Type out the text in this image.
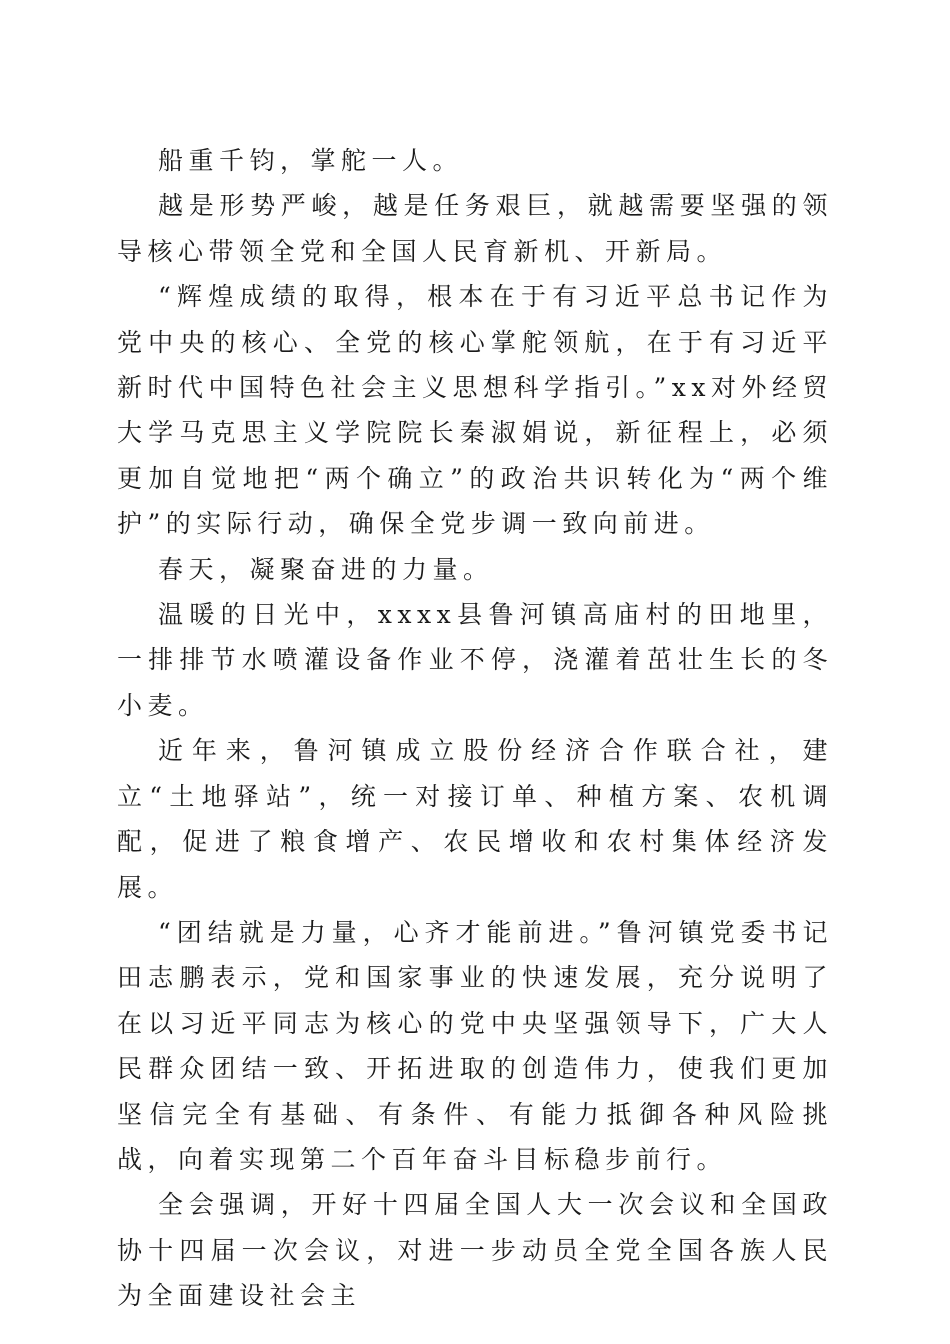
船重千钧，掌舵一人。

越是形势严峻，越是任务艰巨，就越需要坚强的领导核心带领全党和全国人民育新机、开新局。

“辉煌成绩的取得，根本在于有习近平总书记作为党中央的核心、全党的核心掌舵领航，在于有习近平新时代中国特色社会主义思想科学指引。”xx对外经贸大学马克思主义学院院长秦淑娟说，新征程上，必须更加自觉地把“两个确立”的政治共识转化为“两个维护”的实际行动，确保全党步调一致向前进。

春天，凝聚奋进的力量。

温暖的日光中，xxxx县鲁河镇高庙村的田地里，一排排节水喷灌设备作业不停，浇灌着茁壮生长的冬小麦。

近年来，鲁河镇成立股份经济合作联合社，建立“土地驿站”，统一对接订单、种植方案、农机调配，促进了粮食增产、农民增收和农村集体经济发展。

“团结就是力量，心齐才能前进。”鲁河镇党委书记田志鹏表示，党和国家事业的快速发展，充分说明了在以习近平同志为核心的党中央坚强领导下，广大人民群众团结一致、开拓进取的创造伟力，使我们更加坚信完全有基础、有条件、有能力抵御各种风险挑战，向着实现第二个百年奋斗目标稳步前行。

全会强调，开好十四届全国人大一次会议和全国政协十四届一次会议，对进一步动员全党全国各族人民为全面建设社会主
